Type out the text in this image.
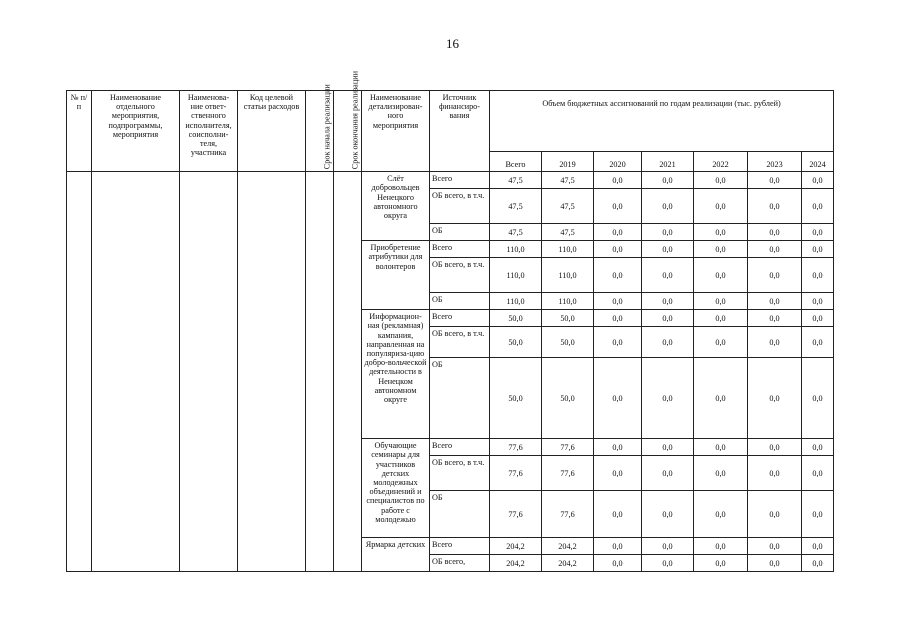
16
№ п/п	Наименование отдельного мероприятия, подпрограммы, мероприятия	Наименова-ние ответ-ственного исполнителя, соисполни-теля, участника	Код целевой статьи расходов	Срок начала реализации	Срок окончания реализации	Наименование детализирован-ного мероприятия	Источник финансиро-вания	Объем бюджетных ассигнований по годам реализации (тыс. рублей)						
								Всего	2019	2020	2021	2022	2023	2024
						Слёт добровольцев Ненецкого автономного округа	Всего	47,5	47,5	0,0	0,0	0,0	0,0	0,0
							ОБ всего, в т.ч.	47,5	47,5	0,0	0,0	0,0	0,0	0,0
							ОБ	47,5	47,5	0,0	0,0	0,0	0,0	0,0
						Приобретение атрибутики для волонтеров	Всего	110,0	110,0	0,0	0,0	0,0	0,0	0,0
							ОБ всего, в т.ч.	110,0	110,0	0,0	0,0	0,0	0,0	0,0
							ОБ	110,0	110,0	0,0	0,0	0,0	0,0	0,0
						Информацион-ная (рекламная) кампания, направленная на популяриза-цию добро-вольческой деятельности в Ненецком автономном округе	Всего	50,0	50,0	0,0	0,0	0,0	0,0	0,0
							ОБ всего, в т.ч.	50,0	50,0	0,0	0,0	0,0	0,0	0,0
							ОБ	50,0	50,0	0,0	0,0	0,0	0,0	0,0
						Обучающие семинары для участников детских молодежных объединений и специалистов по работе с молодежью	Всего	77,6	77,6	0,0	0,0	0,0	0,0	0,0
							ОБ всего, в т.ч.	77,6	77,6	0,0	0,0	0,0	0,0	0,0
							ОБ	77,6	77,6	0,0	0,0	0,0	0,0	0,0
						Ярмарка детских	Всего	204,2	204,2	0,0	0,0	0,0	0,0	0,0
							ОБ всего,	204,2	204,2	0,0	0,0	0,0	0,0	0,0
